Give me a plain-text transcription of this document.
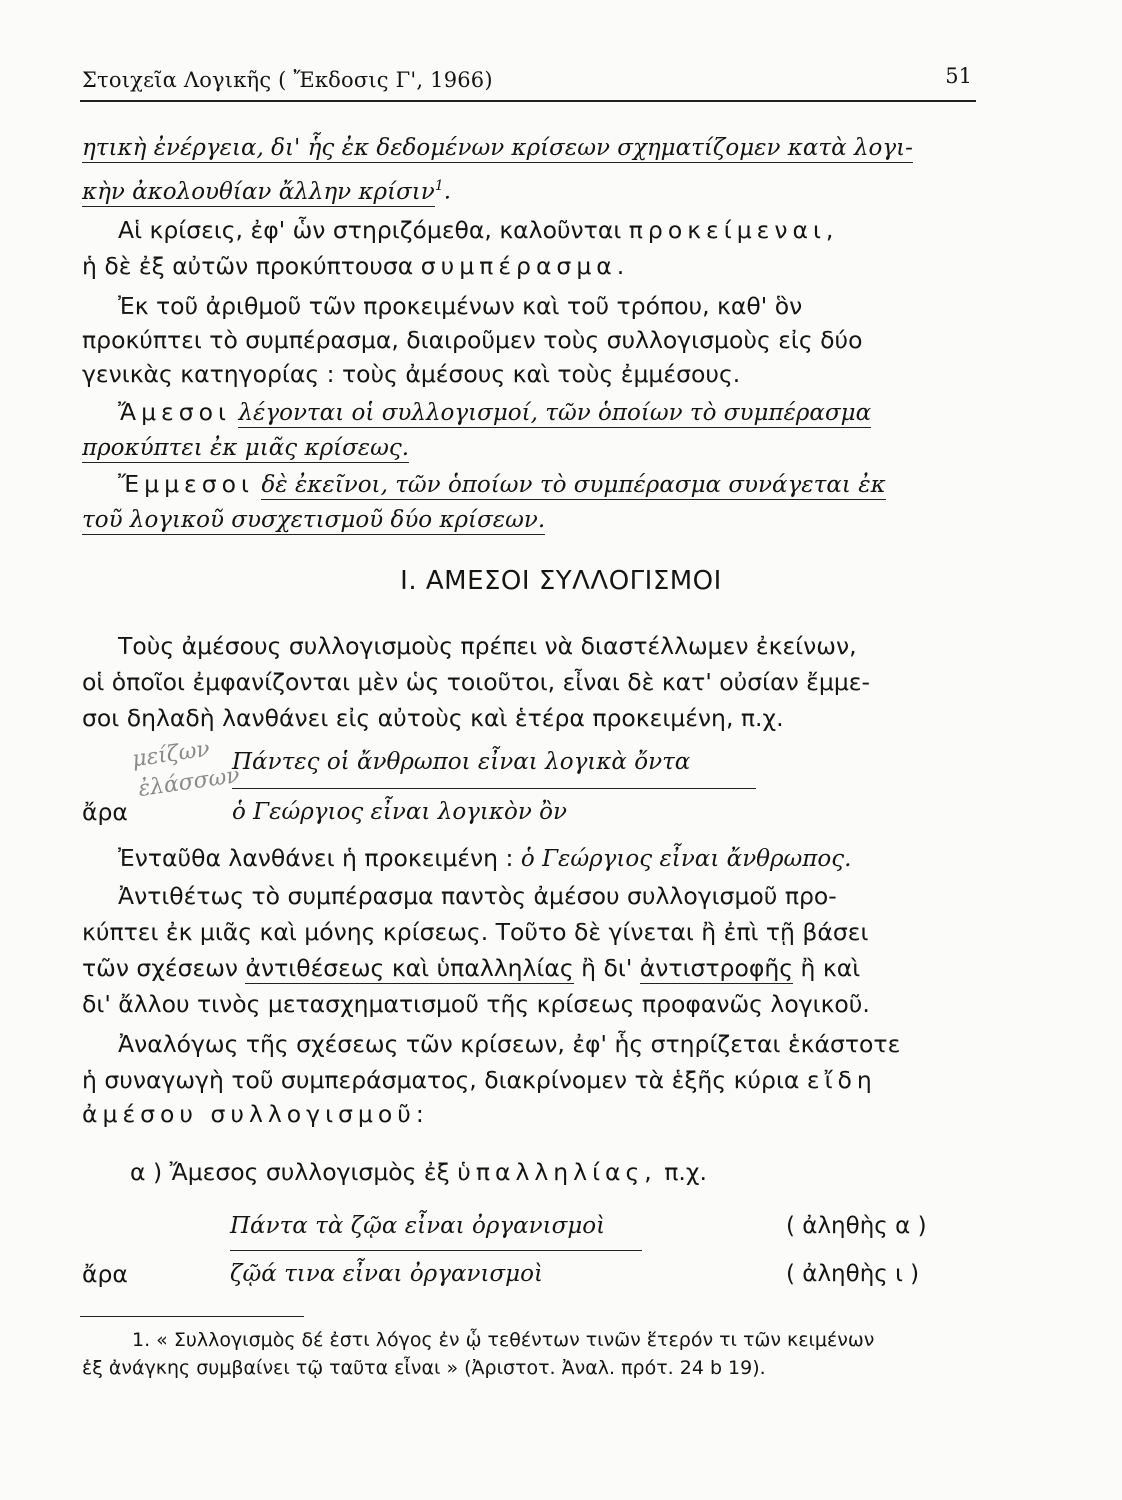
Στοιχεῖα Λογικῆς ( Ἔκδοσις Γ', 1966)	51
ητικὴ ἐνέργεια, δι' ἧς ἐκ δεδομένων κρίσεων σχηματίζομεν κατὰ λογι-
κὴν ἀκολουθίαν ἄλλην κρίσιν$^1$.
Αἱ κρίσεις, ἐφ' ὧν στηριζόμεθα, καλοῦνται προκείμεναι,
ἡ δὲ ἐξ αὐτῶν προκύπτουσα συμπέρασμα.
Ἐκ τοῦ ἀριθμοῦ τῶν προκειμένων καὶ τοῦ τρόπου, καθ' ὃν
προκύπτει τὸ συμπέρασμα, διαιροῦμεν τοὺς συλλογισμοὺς εἰς δύο
γενικὰς κατηγορίας : τοὺς ἀμέσους καὶ τοὺς ἐμμέσους.
Ἄμεσοι λέγονται οἱ συλλογισμοί, τῶν ὁποίων τὸ συμπέρασμα
προκύπτει ἐκ μιᾶς κρίσεως.
Ἔμμεσοι δὲ ἐκεῖνοι, τῶν ὁποίων τὸ συμπέρασμα συνάγεται ἐκ
τοῦ λογικοῦ συσχετισμοῦ δύο κρίσεων.
Ι. ΑΜΕΣΟΙ ΣΥΛΛΟΓΙΣΜΟΙ
Τοὺς ἀμέσους συλλογισμοὺς πρέπει νὰ διαστέλλωμεν ἐκείνων,
οἱ ὁποῖοι ἐμφανίζονται μὲν ὡς τοιοῦτοι, εἶναι δὲ κατ' οὐσίαν ἔμμε-
σοι δηλαδὴ λανθάνει εἰς αὐτοὺς καὶ ἑτέρα προκειμένη, π.χ.
μείζων
ἐλάσσων
Πάντες οἱ ἄνθρωποι εἶναι λογικὰ ὄντα
ἄρα	ὁ Γεώργιος εἶναι λογικὸν ὂν
Ἐνταῦθα λανθάνει ἡ προκειμένη : ὁ Γεώργιος εἶναι ἄνθρωπος.
Ἀντιθέτως τὸ συμπέρασμα παντὸς ἀμέσου συλλογισμοῦ προ-
κύπτει ἐκ μιᾶς καὶ μόνης κρίσεως. Τοῦτο δὲ γίνεται ἢ ἐπὶ τῇ βάσει
τῶν σχέσεων ἀντιθέσεως καὶ ὑπαλληλίας ἢ δι' ἀντιστροφῆς ἢ καὶ
δι' ἄλλου τινὸς μετασχηματισμοῦ τῆς κρίσεως προφανῶς λογικοῦ.
Ἀναλόγως τῆς σχέσεως τῶν κρίσεων, ἐφ' ἧς στηρίζεται ἑκάστοτε
ἡ συναγωγὴ τοῦ συμπεράσματος, διακρίνομεν τὰ ἑξῆς κύρια εἴδη
ἀμέσου συλλογισμοῦ:
α ) Ἄμεσος συλλογισμὸς ἐξ ὑπαλληλίας, π.χ.
Πάντα τὰ ζῷα εἶναι ὀργανισμοὶ	( ἀληθὴς α )
ἄρα	ζῷά τινα εἶναι ὀργανισμοὶ	( ἀληθὴς ι )
1. « Συλλογισμὸς δέ ἐστι λόγος ἐν ᾧ τεθέντων τινῶν ἕτερόν τι τῶν κειμένων
ἐξ ἀνάγκης συμβαίνει τῷ ταῦτα εἶναι » (Ἀριστοτ. Ἀναλ. πρότ. 24 b 19).
